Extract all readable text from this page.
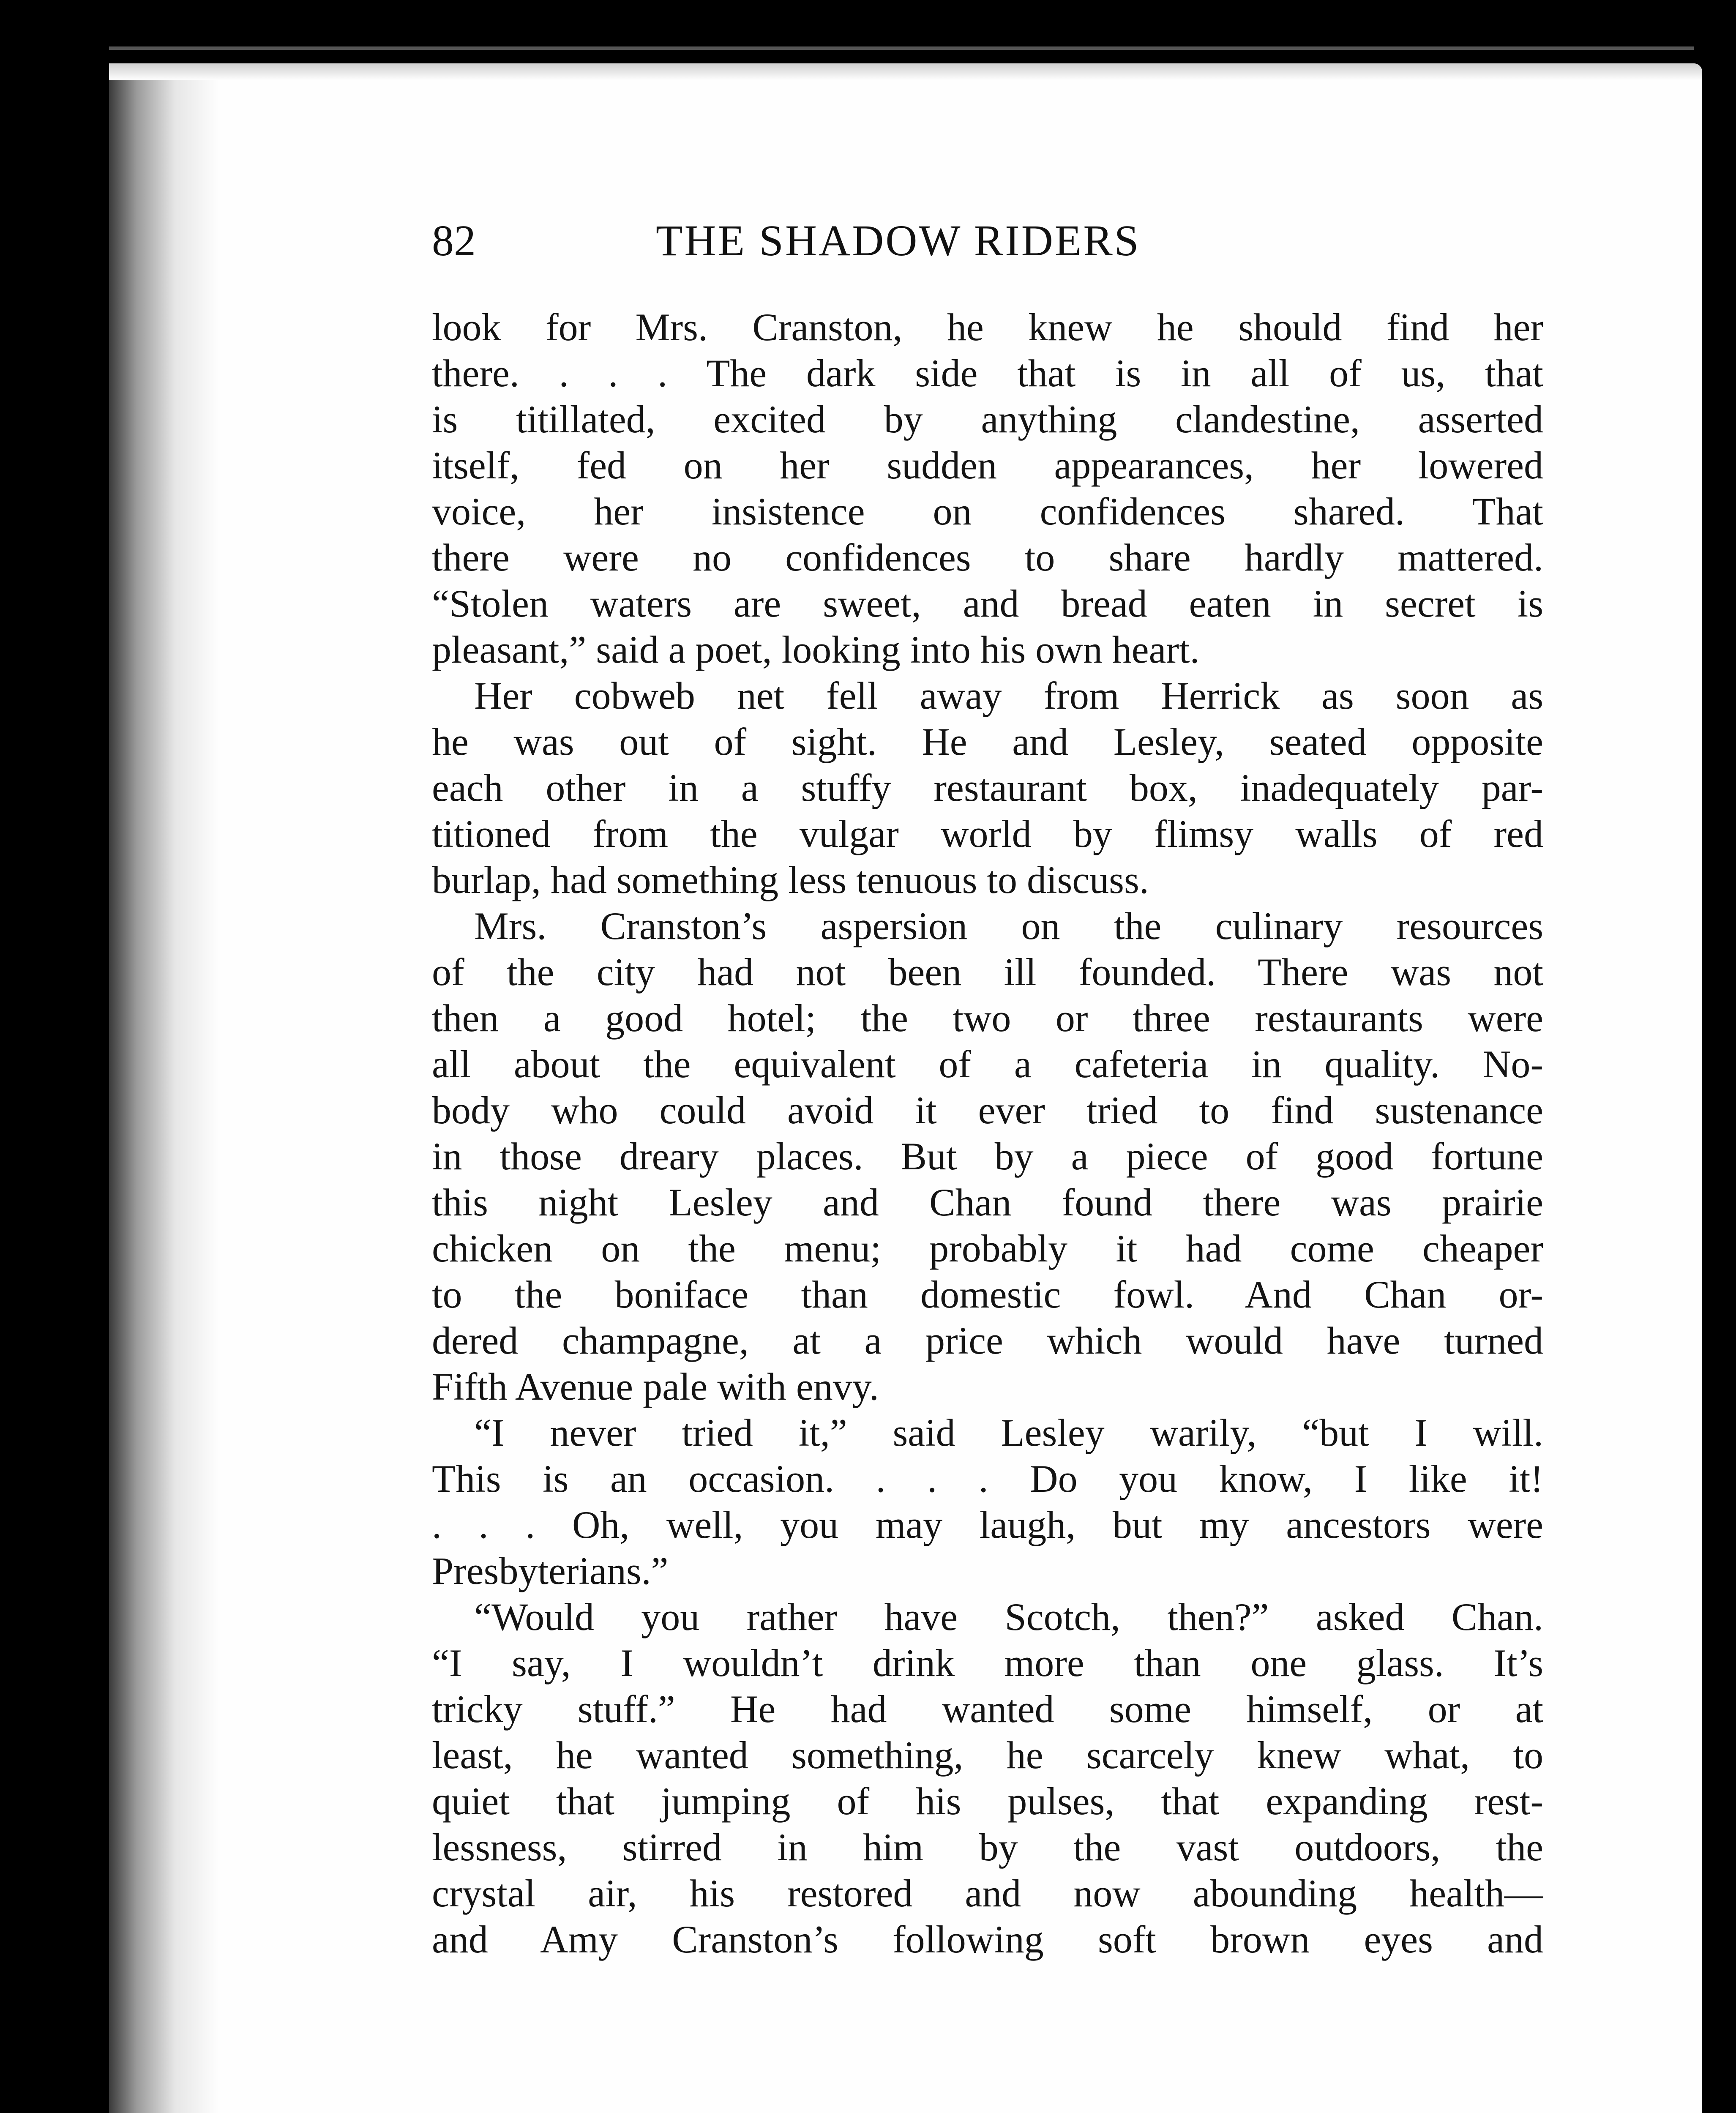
82	THE SHADOW RIDERS
look for Mrs. Cranston, he knew he should find her
there. . . . The dark side that is in all of us, that
is titillated, excited by anything clandestine, asserted
itself, fed on her sudden appearances, her lowered
voice, her insistence on confidences shared. That
there were no confidences to share hardly mattered.
“Stolen waters are sweet, and bread eaten in secret is
pleasant,” said a poet, looking into his own heart.
Her cobweb net fell away from Herrick as soon as
he was out of sight. He and Lesley, seated opposite
each other in a stuffy restaurant box, inadequately par-
titioned from the vulgar world by flimsy walls of red
burlap, had something less tenuous to discuss.
Mrs. Cranston’s aspersion on the culinary resources
of the city had not been ill founded. There was not
then a good hotel; the two or three restaurants were
all about the equivalent of a cafeteria in quality. No-
body who could avoid it ever tried to find sustenance
in those dreary places. But by a piece of good fortune
this night Lesley and Chan found there was prairie
chicken on the menu; probably it had come cheaper
to the boniface than domestic fowl. And Chan or-
dered champagne, at a price which would have turned
Fifth Avenue pale with envy.
“I never tried it,” said Lesley warily, “but I will.
This is an occasion. . . . Do you know, I like it!
. . . Oh, well, you may laugh, but my ancestors were
Presbyterians.”
“Would you rather have Scotch, then?” asked Chan.
“I say, I wouldn’t drink more than one glass. It’s
tricky stuff.” He had wanted some himself, or at
least, he wanted something, he scarcely knew what, to
quiet that jumping of his pulses, that expanding rest-
lessness, stirred in him by the vast outdoors, the
crystal air, his restored and now abounding health—
and Amy Cranston’s following soft brown eyes and
